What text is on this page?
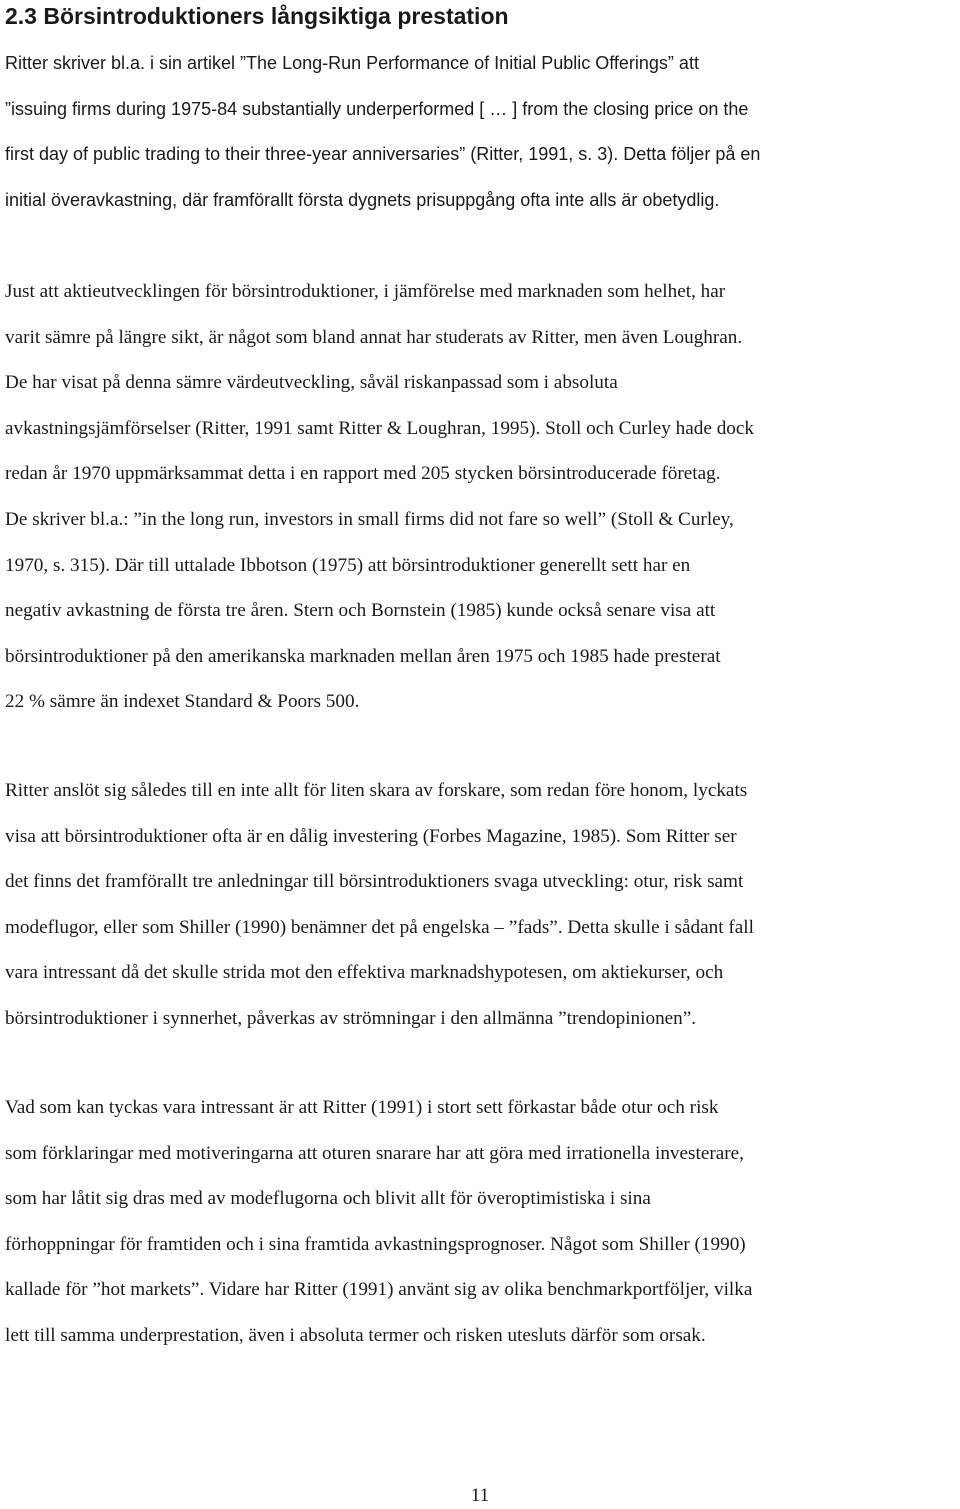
2.3 Börsintroduktioners långsiktiga prestation

Ritter skriver bl.a. i sin artikel ”The Long-Run Performance of Initial Public Offerings” att
”issuing firms during 1975-84 substantially underperformed [ … ] from the closing price on the
first day of public trading to their three-year anniversaries” (Ritter, 1991, s. 3). Detta följer på en
initial överavkastning, där framförallt första dygnets prisuppgång ofta inte alls är obetydlig.

Just att aktieutvecklingen för börsintroduktioner, i jämförelse med marknaden som helhet, har
varit sämre på längre sikt, är något som bland annat har studerats av Ritter, men även Loughran.
De har visat på denna sämre värdeutveckling, såväl riskanpassad som i absoluta
avkastningsjämförselser (Ritter, 1991 samt Ritter & Loughran, 1995). Stoll och Curley hade dock
redan år 1970 uppmärksammat detta i en rapport med 205 stycken börsintroducerade företag.
De skriver bl.a.: ”in the long run, investors in small firms did not fare so well” (Stoll & Curley,
1970, s. 315). Där till uttalade Ibbotson (1975) att börsintroduktioner generellt sett har en
negativ avkastning de första tre åren. Stern och Bornstein (1985) kunde också senare visa att
börsintroduktioner på den amerikanska marknaden mellan åren 1975 och 1985 hade presterat
22 % sämre än indexet Standard & Poors 500.

Ritter anslöt sig således till en inte allt för liten skara av forskare, som redan före honom, lyckats
visa att börsintroduktioner ofta är en dålig investering (Forbes Magazine, 1985). Som Ritter ser
det finns det framförallt tre anledningar till börsintroduktioners svaga utveckling: otur, risk samt
modeflugor, eller som Shiller (1990) benämner det på engelska – ”fads”. Detta skulle i sådant fall
vara intressant då det skulle strida mot den effektiva marknadshypotesen, om aktiekurser, och
börsintroduktioner i synnerhet, påverkas av strömningar i den allmänna ”trendopinionen”.

Vad som kan tyckas vara intressant är att Ritter (1991) i stort sett förkastar både otur och risk
som förklaringar med motiveringarna att oturen snarare har att göra med irrationella investerare,
som har låtit sig dras med av modeflugorna och blivit allt för överoptimistiska i sina
förhoppningar för framtiden och i sina framtida avkastningsprognoser. Något som Shiller (1990)
kallade för ”hot markets”. Vidare har Ritter (1991) använt sig av olika benchmarkportföljer, vilka
lett till samma underprestation, även i absoluta termer och risken utesluts därför som orsak.

11
